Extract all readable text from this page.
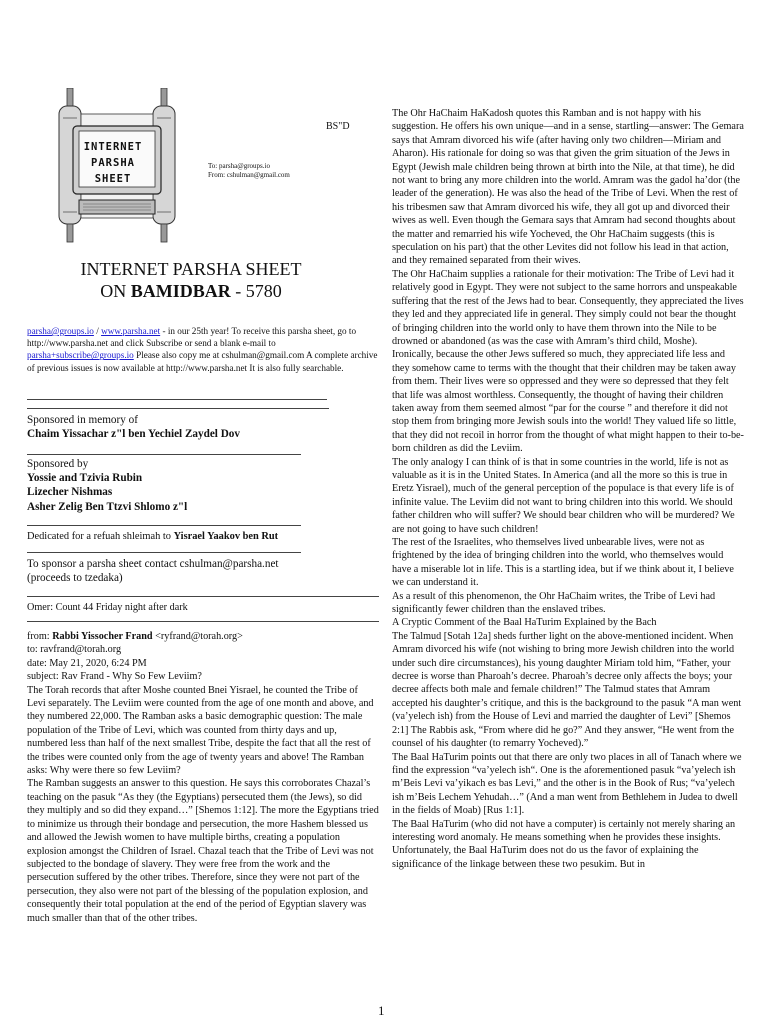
INTERNET
PARSHA
SHEET
BS"D
To: parsha@groups.io
From: cshulman@gmail.com
INTERNET PARSHA SHEET
ON BAMIDBAR - 5780
parsha@groups.io / www.parsha.net - in our 25th year! To receive this parsha sheet, go to http://www.parsha.net and click Subscribe or send a blank e-mail to parsha+subscribe@groups.io Please also copy me at cshulman@gmail.com A complete archive of previous issues is now available at http://www.parsha.net It is also fully searchable.
Sponsored in memory of
Chaim Yissachar z"l ben Yechiel Zaydel Dov
Sponsored by
Yossie and Tzivia Rubin
Lizecher Nishmas
Asher Zelig Ben Ttzvi Shlomo z"l
Dedicated for a refuah shleimah to Yisrael Yaakov ben Rut
To sponsor a parsha sheet contact cshulman@parsha.net
(proceeds to tzedaka)
Omer: Count 44 Friday night after dark
from: Rabbi Yissocher Frand <ryfrand@torah.org>
to: ravfrand@torah.org
date: May 21, 2020, 6:24 PM
subject: Rav Frand - Why So Few Leviim?

The Torah records that after Moshe counted Bnei Yisrael, he counted the Tribe of Levi separately. The Leviim were counted from the age of one month and above, and they numbered 22,000. The Ramban asks a basic demographic question: The male population of the Tribe of Levi, which was counted from thirty days and up, numbered less than half of the next smallest Tribe, despite the fact that all the rest of the tribes were counted only from the age of twenty years and above! The Ramban asks: Why were there so few Leviim?

The Ramban suggests an answer to this question. He says this corroborates Chazal’s teaching on the pasuk “As they (the Egyptians) persecuted them (the Jews), so did they multiply and so did they expand…” [Shemos 1:12]. The more the Egyptians tried to minimize us through their bondage and persecution, the more Hashem blessed us and allowed the Jewish women to have multiple births, creating a population explosion amongst the Children of Israel. Chazal teach that the Tribe of Levi was not subjected to the bondage of slavery. They were free from the work and the persecution suffered by the other tribes. Therefore, since they were not part of the persecution, they also were not part of the blessing of the population explosion, and consequently their total population at the end of the period of Egyptian slavery was much smaller than that of the other tribes.

The Ohr HaChaim HaKadosh quotes this Ramban and is not happy with his suggestion. He offers his own unique—and in a sense, startling—answer: The Gemara says that Amram divorced his wife (after having only two children—Miriam and Aharon). His rationale for doing so was that given the grim situation of the Jews in Egypt (Jewish male children being thrown at birth into the Nile, at that time), he did not want to bring any more children into the world. Amram was the gadol ha’dor (the leader of the generation). He was also the head of the Tribe of Levi. When the rest of his tribesmen saw that Amram divorced his wife, they all got up and divorced their wives as well. Even though the Gemara says that Amram had second thoughts about the matter and remarried his wife Yocheved, the Ohr HaChaim suggests (this is speculation on his part) that the other Levites did not follow his lead in that action, and they remained separated from their wives.

The Ohr HaChaim supplies a rationale for their motivation: The Tribe of Levi had it relatively good in Egypt. They were not subject to the same horrors and unspeakable suffering that the rest of the Jews had to bear. Consequently, they appreciated the lives they led and they appreciated life in general. They simply could not bear the thought of bringing children into the world only to have them thrown into the Nile to be drowned or abandoned (as was the case with Amram’s third child, Moshe).

Ironically, because the other Jews suffered so much, they appreciated life less and they somehow came to terms with the thought that their children may be taken away from them. Their lives were so oppressed and they were so depressed that they felt that life was almost worthless. Consequently, the thought of having their children taken away from them seemed almost “par for the course ” and therefore it did not stop them from bringing more Jewish souls into the world! They valued life so little, that they did not recoil in horror from the thought of what might happen to their to-be-born children as did the Leviim.

The only analogy I can think of is that in some countries in the world, life is not as valuable as it is in the United States. In America (and all the more so this is true in Eretz Yisrael), much of the general perception of the populace is that every life is of infinite value. The Leviim did not want to bring children into this world. We should father children who will suffer? We should bear children who will be murdered? We are not going to have such children!

The rest of the Israelites, who themselves lived unbearable lives, were not as frightened by the idea of bringing children into the world, who themselves would have a miserable lot in life. This is a startling idea, but if we think about it, I believe we can understand it.

As a result of this phenomenon, the Ohr HaChaim writes, the Tribe of Levi had significantly fewer children than the enslaved tribes.

A Cryptic Comment of the Baal HaTurim Explained by the Bach

The Talmud [Sotah 12a] sheds further light on the above-mentioned incident. When Amram divorced his wife (not wishing to bring more Jewish children into the world under such dire circumstances), his young daughter Miriam told him, “Father, your decree is worse than Pharoah’s decree. Pharoah’s decree only affects the boys; your decree affects both male and female children!” The Talmud states that Amram accepted his daughter’s critique, and this is the background to the pasuk “A man went (va’yelech ish) from the House of Levi and married the daughter of Levi” [Shemos 2:1] The Rabbis ask, “From where did he go?” And they answer, “He went from the counsel of his daughter (to remarry Yocheved).”

The Baal HaTurim points out that there are only two places in all of Tanach where we find the expression “va’yelech ish“. One is the aforementioned pasuk “va’yelech ish m’Beis Levi va’yikach es bas Levi,” and the other is in the Book of Rus; “va’yelech ish m’Beis Lechem Yehudah…” (And a man went from Bethlehem in Judea to dwell in the fields of Moab) [Rus 1:1].

The Baal HaTurim (who did not have a computer) is certainly not merely sharing an interesting word anomaly. He means something when he provides these insights. Unfortunately, the Baal HaTurim does not do us the favor of explaining the significance of the linkage between these two pesukim. But in

1
